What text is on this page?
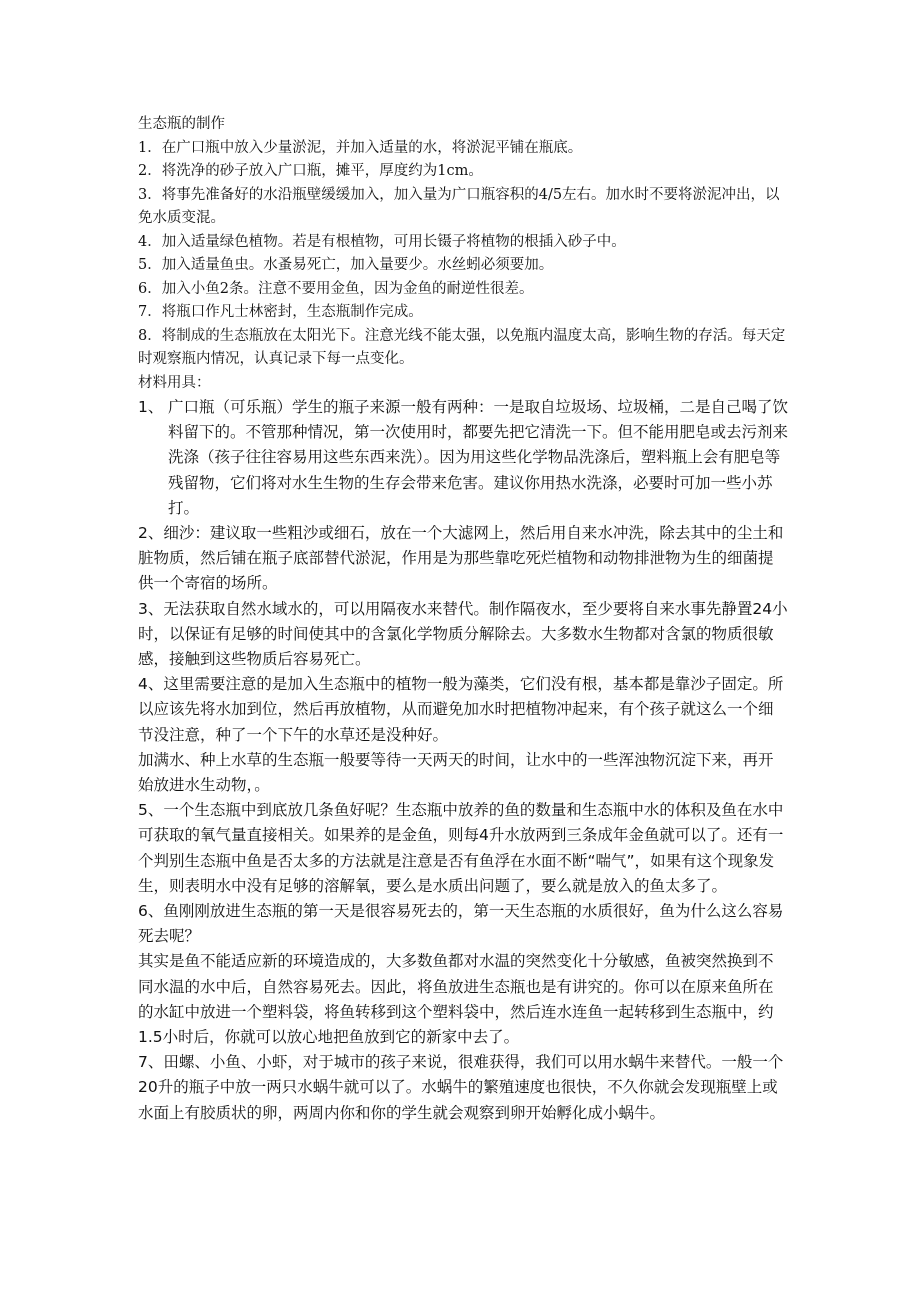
生态瓶的制作

1．在广口瓶中放入少量淤泥，并加入适量的水，将淤泥平铺在瓶底。

2．将洗净的砂子放入广口瓶，摊平，厚度约为1cm。

3．将事先准备好的水沿瓶壁缓缓加入，加入量为广口瓶容积的4/5左右。加水时不要将淤泥冲出，以免水质变混。

4．加入适量绿色植物。若是有根植物，可用长镊子将植物的根插入砂子中。

5．加入适量鱼虫。水蚤易死亡，加入量要少。水丝蚓必须要加。

6．加入小鱼2条。注意不要用金鱼，因为金鱼的耐逆性很差。

7．将瓶口作凡士林密封，生态瓶制作完成。

8．将制成的生态瓶放在太阳光下。注意光线不能太强，以免瓶内温度太高，影响生物的存活。每天定时观察瓶内情况，认真记录下每一点变化。

材料用具：

1、 广口瓶（可乐瓶）学生的瓶子来源一般有两种：一是取自垃圾场、垃圾桶，二是自己喝了饮料留下的。不管那种情况，第一次使用时，都要先把它清洗一下。但不能用肥皂或去污剂来洗涤（孩子往往容易用这些东西来洗）。因为用这些化学物品洗涤后，塑料瓶上会有肥皂等残留物，它们将对水生生物的生存会带来危害。建议你用热水洗涤，必要时可加一些小苏打。

2、细沙：建议取一些粗沙或细石，放在一个大滤网上，然后用自来水冲洗，除去其中的尘土和脏物质，然后铺在瓶子底部替代淤泥，作用是为那些靠吃死烂植物和动物排泄物为生的细菌提供一个寄宿的场所。

3、无法获取自然水域水的，可以用隔夜水来替代。制作隔夜水，至少要将自来水事先静置24小时，以保证有足够的时间使其中的含氯化学物质分解除去。大多数水生物都对含氯的物质很敏感，接触到这些物质后容易死亡。

4、这里需要注意的是加入生态瓶中的植物一般为藻类，它们没有根，基本都是靠沙子固定。所以应该先将水加到位，然后再放植物，从而避免加水时把植物冲起来，有个孩子就这么一个细节没注意，种了一个下午的水草还是没种好。

加满水、种上水草的生态瓶一般要等待一天两天的时间，让水中的一些浑浊物沉淀下来，再开始放进水生动物，。

5、一个生态瓶中到底放几条鱼好呢？生态瓶中放养的鱼的数量和生态瓶中水的体积及鱼在水中可获取的氧气量直接相关。如果养的是金鱼，则每4升水放两到三条成年金鱼就可以了。还有一个判别生态瓶中鱼是否太多的方法就是注意是否有鱼浮在水面不断“喘气”，如果有这个现象发生，则表明水中没有足够的溶解氧，要么是水质出问题了，要么就是放入的鱼太多了。

6、鱼刚刚放进生态瓶的第一天是很容易死去的，第一天生态瓶的水质很好，鱼为什么这么容易死去呢？

其实是鱼不能适应新的环境造成的，大多数鱼都对水温的突然变化十分敏感，鱼被突然换到不同水温的水中后，自然容易死去。因此，将鱼放进生态瓶也是有讲究的。你可以在原来鱼所在的水缸中放进一个塑料袋，将鱼转移到这个塑料袋中，然后连水连鱼一起转移到生态瓶中，约1.5小时后，你就可以放心地把鱼放到它的新家中去了。

7、田螺、小鱼、小虾，对于城市的孩子来说，很难获得，我们可以用水蜗牛来替代。一般一个20升的瓶子中放一两只水蜗牛就可以了。水蜗牛的繁殖速度也很快，不久你就会发现瓶壁上或水面上有胶质状的卵，两周内你和你的学生就会观察到卵开始孵化成小蜗牛。
